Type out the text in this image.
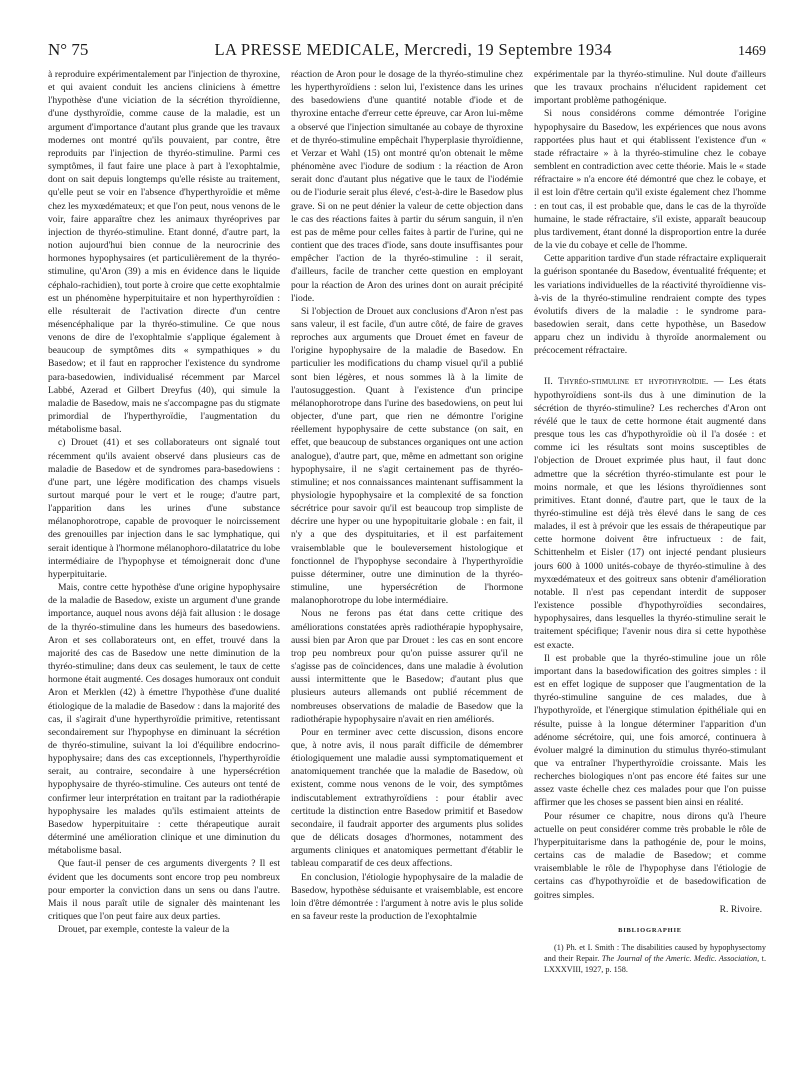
N° 75	LA PRESSE MEDICALE, Mercredi, 19 Septembre 1934	1469

à reproduire expérimentalement par l'injection de thyroxine, et qui avaient conduit les anciens cliniciens à émettre l'hypothèse d'une viciation de la sécrétion thyroïdienne, d'une dysthyroïdie, comme cause de la maladie, est un argument d'importance d'autant plus grande que les travaux modernes ont montré qu'ils pouvaient, par contre, être reproduits par l'injection de thyréo-stimuline. Parmi ces symptômes, il faut faire une place à part à l'exophtalmie, dont on sait depuis longtemps qu'elle résiste au traitement, qu'elle peut se voir en l'absence d'hyperthyroïdie et même chez les myxœdémateux; et que l'on peut, nous venons de le voir, faire apparaître chez les animaux thyréoprives par injection de thyréo-stimuline. Etant donné, d'autre part, la notion aujourd'hui bien connue de la neurocrinie des hormones hypophysaires (et particulièrement de la thyréo-stimuline, qu'Aron (39) a mis en évidence dans le liquide céphalo-rachidien), tout porte à croire que cette exophtalmie est un phénomène hyperpituitaire et non hyperthyroïdien : elle résulterait de l'activation directe d'un centre mésencéphalique par la thyréo-stimuline. Ce que nous venons de dire de l'exophtalmie s'applique également à beaucoup de symptômes dits « sympathiques » du Basedow; et il faut en rapprocher l'existence du syndrome para-basedowien, individualisé récemment par Marcel Labbé, Azerad et Gilbert Dreyfus (40), qui simule la maladie de Basedow, mais ne s'accompagne pas du stigmate primordial de l'hyperthyroïdie, l'augmentation du métabolisme basal.

c) Drouet (41) et ses collaborateurs ont signalé tout récemment qu'ils avaient observé dans plusieurs cas de maladie de Basedow et de syndromes para-basedowiens : d'une part, une légère modification des champs visuels surtout marqué pour le vert et le rouge; d'autre part, l'apparition dans les urines d'une substance mélanophorotrope, capable de provoquer le noircissement des grenouilles par injection dans le sac lymphatique, qui serait identique à l'hormone mélanophoro-dilatatrice du lobe intermédiaire de l'hypophyse et témoignerait donc d'une hyperpituitarie.

Mais, contre cette hypothèse d'une origine hypophysaire de la maladie de Basedow, existe un argument d'une grande importance, auquel nous avons déjà fait allusion : le dosage de la thyréo-stimuline dans les humeurs des basedowiens. Aron et ses collaborateurs ont, en effet, trouvé dans la majorité des cas de Basedow une nette diminution de la thyréo-stimuline; dans deux cas seulement, le taux de cette hormone était augmenté. Ces dosages humoraux ont conduit Aron et Merklen (42) à émettre l'hypothèse d'une dualité étiologique de la maladie de Basedow : dans la majorité des cas, il s'agirait d'une hyperthyroïdie primitive, retentissant secondairement sur l'hypophyse en diminuant la sécrétion de thyréo-stimuline, suivant la loi d'équilibre endocrino-hypophysaire; dans des cas exceptionnels, l'hyperthyroïdie serait, au contraire, secondaire à une hypersécrétion hypophysaire de thyréo-stimuline. Ces auteurs ont tenté de confirmer leur interprétation en traitant par la radiothérapie hypophysaire les malades qu'ils estimaient atteints de Basedow hyperpituitaire : cette thérapeutique aurait déterminé une amélioration clinique et une diminution du métabolisme basal.

Que faut-il penser de ces arguments divergents ? Il est évident que les documents sont encore trop peu nombreux pour emporter la conviction dans un sens ou dans l'autre. Mais il nous paraît utile de signaler dès maintenant les critiques que l'on peut faire aux deux parties.

Drouet, par exemple, conteste la valeur de la

réaction de Aron pour le dosage de la thyréo-stimuline chez les hyperthyroïdiens : selon lui, l'existence dans les urines des basedowiens d'une quantité notable d'iode et de thyroxine entache d'erreur cette épreuve, car Aron lui-même a observé que l'injection simultanée au cobaye de thyroxine et de thyréo-stimuline empêchait l'hyperplasie thyroïdienne, et Verzar et Wahl (15) ont montré qu'on obtenait le même phénomène avec l'iodure de sodium : la réaction de Aron serait donc d'autant plus négative que le taux de l'iodémie ou de l'iodurie serait plus élevé, c'est-à-dire le Basedow plus grave. Si on ne peut dénier la valeur de cette objection dans le cas des réactions faites à partir du sérum sanguin, il n'en est pas de même pour celles faites à partir de l'urine, qui ne contient que des traces d'iode, sans doute insuffisantes pour empêcher l'action de la thyréo-stimuline : il serait, d'ailleurs, facile de trancher cette question en employant pour la réaction de Aron des urines dont on aurait précipité l'iode.

Si l'objection de Drouet aux conclusions d'Aron n'est pas sans valeur, il est facile, d'un autre côté, de faire de graves reproches aux arguments que Drouet émet en faveur de l'origine hypophysaire de la maladie de Basedow. En particulier les modifications du champ visuel qu'il a publié sont bien légères, et nous sommes là à la limite de l'autosuggestion. Quant à l'existence d'un principe mélanophorotrope dans l'urine des basedowiens, on peut lui objecter, d'une part, que rien ne démontre l'origine réellement hypophysaire de cette substance (on sait, en effet, que beaucoup de substances organiques ont une action analogue), d'autre part, que, même en admettant son origine hypophysaire, il ne s'agit certainement pas de thyréo-stimuline; et nos connaissances maintenant suffisamment la physiologie hypophysaire et la complexité de sa fonction sécrétrice pour savoir qu'il est beaucoup trop simpliste de décrire une hyper ou une hypopituitarie globale : en fait, il n'y a que des dyspituitaries, et il est parfaitement vraisemblable que le bouleversement histologique et fonctionnel de l'hypophyse secondaire à l'hyperthyroïdie puisse déterminer, outre une diminution de la thyréo-stimuline, une hypersécrétion de l'hormone malanophorotrope du lobe intermédiaire.

Nous ne ferons pas état dans cette critique des améliorations constatées après radiothérapie hypophysaire, aussi bien par Aron que par Drouet : les cas en sont encore trop peu nombreux pour qu'on puisse assurer qu'il ne s'agisse pas de coïncidences, dans une maladie à évolution aussi intermittente que le Basedow; d'autant plus que plusieurs auteurs allemands ont publié récemment de nombreuses observations de maladie de Basedow que la radiothérapie hypophysaire n'avait en rien améliorés.

Pour en terminer avec cette discussion, disons encore que, à notre avis, il nous paraît difficile de démembrer étiologiquement une maladie aussi symptomatiquement et anatomiquement tranchée que la maladie de Basedow, où existent, comme nous venons de le voir, des symptômes indiscutablement extrathyroïdiens : pour établir avec certitude la distinction entre Basedow primitif et Basedow secondaire, il faudrait apporter des arguments plus solides que de délicats dosages d'hormones, notamment des arguments cliniques et anatomiques permettant d'établir le tableau comparatif de ces deux affections.

En conclusion, l'étiologie hypophysaire de la maladie de Basedow, hypothèse séduisante et vraisemblable, est encore loin d'être démontrée : l'argument à notre avis le plus solide en sa faveur reste la production de l'exophtalmie

expérimentale par la thyréo-stimuline. Nul doute d'ailleurs que les travaux prochains n'élucident rapidement cet important problème pathogénique.

Si nous considérons comme démontrée l'origine hypophysaire du Basedow, les expériences que nous avons rapportées plus haut et qui établissent l'existence d'un « stade réfractaire » à la thyréo-stimuline chez le cobaye semblent en contradiction avec cette théorie. Mais le « stade réfractaire » n'a encore été démontré que chez le cobaye, et il est loin d'être certain qu'il existe également chez l'homme : en tout cas, il est probable que, dans le cas de la thyroïde humaine, le stade réfractaire, s'il existe, apparaît beaucoup plus tardivement, étant donné la disproportion entre la durée de la vie du cobaye et celle de l'homme.

Cette apparition tardive d'un stade réfractaire expliquerait la guérison spontanée du Basedow, éventualité fréquente; et les variations individuelles de la réactivité thyroïdienne vis-à-vis de la thyréo-stimuline rendraient compte des types évolutifs divers de la maladie : le syndrome para-basedowien serait, dans cette hypothèse, un Basedow apparu chez un individu à thyroïde anormalement ou précocement réfractaire.

II. Thyréo-stimuline et hypothyroïdie. — Les états hypothyroïdiens sont-ils dus à une diminution de la sécrétion de thyréo-stimuline? Les recherches d'Aron ont révélé que le taux de cette hormone était augmenté dans presque tous les cas d'hypothyroïdie où il l'a dosée : et comme ici les résultats sont moins susceptibles de l'objection de Drouet exprimée plus haut, il faut donc admettre que la sécrétion thyréo-stimulante est pour le moins normale, et que les lésions thyroïdiennes sont primitives. Etant donné, d'autre part, que le taux de la thyréo-stimuline est déjà très élevé dans le sang de ces malades, il est à prévoir que les essais de thérapeutique par cette hormone doivent être infructueux : de fait, Schittenhelm et Eisler (17) ont injecté pendant plusieurs jours 600 à 1000 unités-cobaye de thyréo-stimuline à des myxœdémateux et des goitreux sans obtenir d'amélioration notable. Il n'est pas cependant interdit de supposer l'existence possible d'hypothyroïdies secondaires, hypophysaires, dans lesquelles la thyréo-stimuline serait le traitement spécifique; l'avenir nous dira si cette hypothèse est exacte.

Il est probable que la thyréo-stimuline joue un rôle important dans la basedowification des goitres simples : il est en effet logique de supposer que l'augmentation de la thyréo-stimuline sanguine de ces malades, due à l'hypothyroïde, et l'énergique stimulation épithéliale qui en résulte, puisse à la longue déterminer l'apparition d'un adénome sécrétoire, qui, une fois amorcé, continuera à évoluer malgré la diminution du stimulus thyréo-stimulant que va entraîner l'hyperthyroïdie croissante. Mais les recherches biologiques n'ont pas encore été faites sur une assez vaste échelle chez ces malades pour que l'on puisse affirmer que les choses se passent bien ainsi en réalité.

Pour résumer ce chapitre, nous dirons qu'à l'heure actuelle on peut considérer comme très probable le rôle de l'hyperpituitarisme dans la pathogénie de, pour le moins, certains cas de maladie de Basedow; et comme vraisemblable le rôle de l'hypophyse dans l'étiologie de certains cas d'hypothyroïdie et de basedowification de goitres simples.

R. Rivoire.
BIBLIOGRAPHIE

(1) Ph. et I. Smith : The disabilities caused by hypophysectomy and their Repair. The Journal of the Americ. Medic. Association, t. LXXXVIII, 1927, p. 158.
